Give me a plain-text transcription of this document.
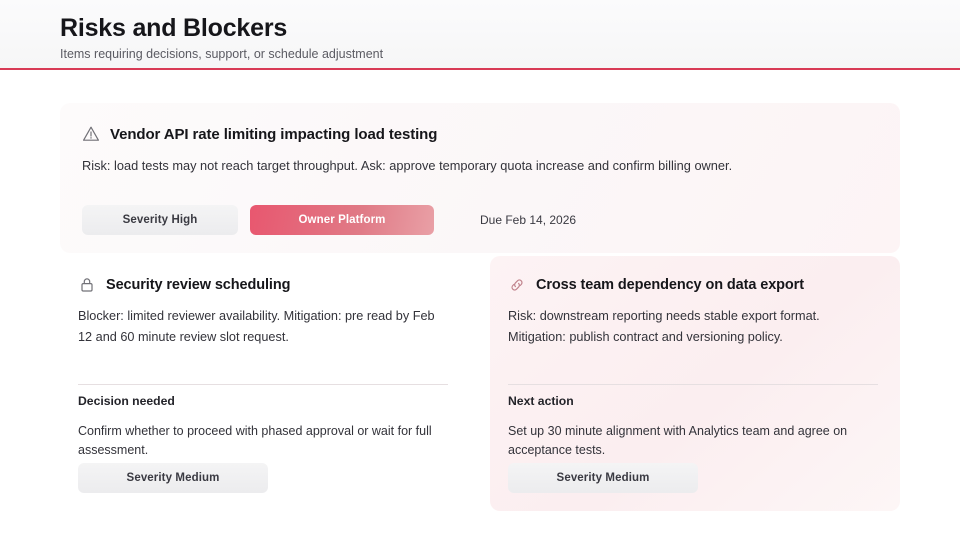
Risks and Blockers
Items requiring decisions, support, or schedule adjustment
Vendor API rate limiting impacting load testing
Risk: load tests may not reach target throughput. Ask: approve temporary quota increase and confirm billing owner.
Severity High	Owner Platform	Due Feb 14, 2026
Security review scheduling
Blocker: limited reviewer availability. Mitigation: pre read by Feb 12 and 60 minute review slot request.
Decision needed
Confirm whether to proceed with phased approval or wait for full assessment.
Severity Medium
Cross team dependency on data export
Risk: downstream reporting needs stable export format. Mitigation: publish contract and versioning policy.
Next action
Set up 30 minute alignment with Analytics team and agree on acceptance tests.
Severity Medium
